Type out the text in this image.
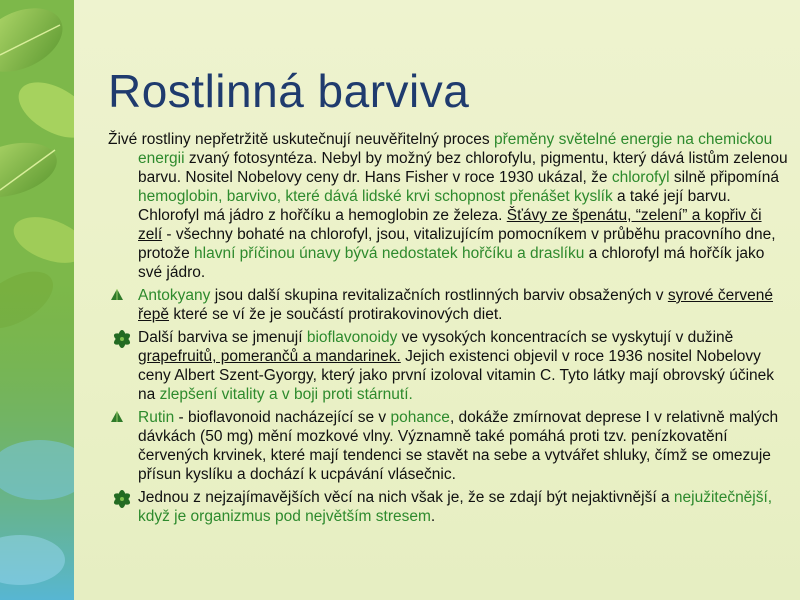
Rostlinná barviva

Živé rostliny nepřetržitě uskutečnují neuvěřitelný proces přeměny světelné energie na chemickou energii zvaný fotosyntéza. Nebyl by možný bez chlorofylu, pigmentu, který dává listům zelenou barvu. Nositel Nobelovy ceny dr. Hans Fisher v roce 1930 ukázal, že chlorofyl silně připomíná hemoglobin, barvivo, které dává lidské krvi schopnost přenášet kyslík a také její barvu. Chlorofyl má jádro z hořčíku a hemoglobin ze železa. Šťávy ze špenátu, “zelení” a kopřiv či zelí - všechny bohaté na chlorofyl, jsou, vitalizujícím pomocníkem v průběhu pracovního dne, protože hlavní příčinou únavy bývá nedostatek hořčíku a draslíku a chlorofyl má hořčík jako své jádro.

Antokyany jsou další skupina revitalizačních rostlinných barviv obsažených v syrové červené řepě které se ví že je součástí protirakovinových diet.

Další barviva se jmenují bioflavonoidy ve vysokých koncentracích se vyskytují v dužině grapefruitů, pomerančů a mandarinek. Jejich existenci objevil v roce 1936 nositel Nobelovy ceny Albert Szent-Gyorgy, který jako první izoloval vitamin C. Tyto látky mají obrovský účinek na zlepšení vitality a v boji proti stárnutí.

Rutin - bioflavonoid nacházející se v pohance, dokáže zmírnovat deprese I v relativně malých dávkách (50 mg) mění mozkové vlny. Významně také pomáhá proti tzv. penízkovatění červených krvinek, které mají tendenci se stavět na sebe a vytvářet shluky, čímž se omezuje přísun kyslíku a dochází k ucpávání vlásečnic.

Jednou z nejzajímavějších věcí na nich však je, že se zdají být nejaktivnější a nejužitečnější, když je organizmus pod největším stresem.
